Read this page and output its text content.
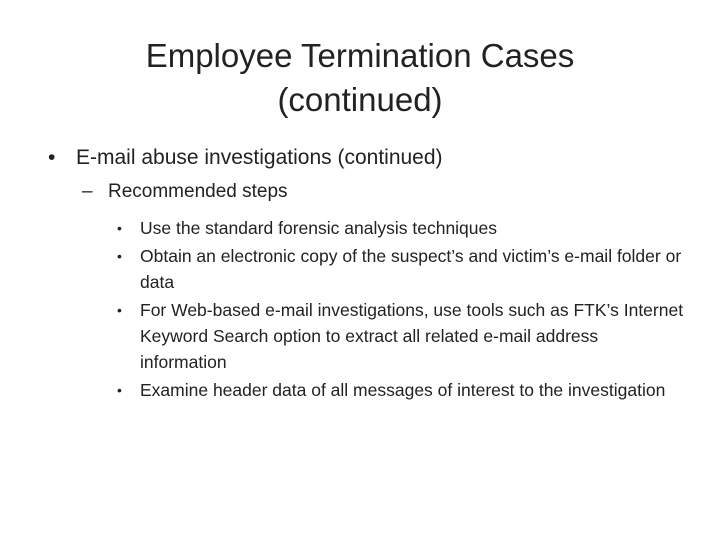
Employee Termination Cases
(continued)
• E-mail abuse investigations (continued)
– Recommended steps
• Use the standard forensic analysis techniques
• Obtain an electronic copy of the suspect’s and victim’s e-mail folder or data
• For Web-based e-mail investigations, use tools such as FTK’s Internet Keyword Search option to extract all related e-mail address information
• Examine header data of all messages of interest to the investigation
